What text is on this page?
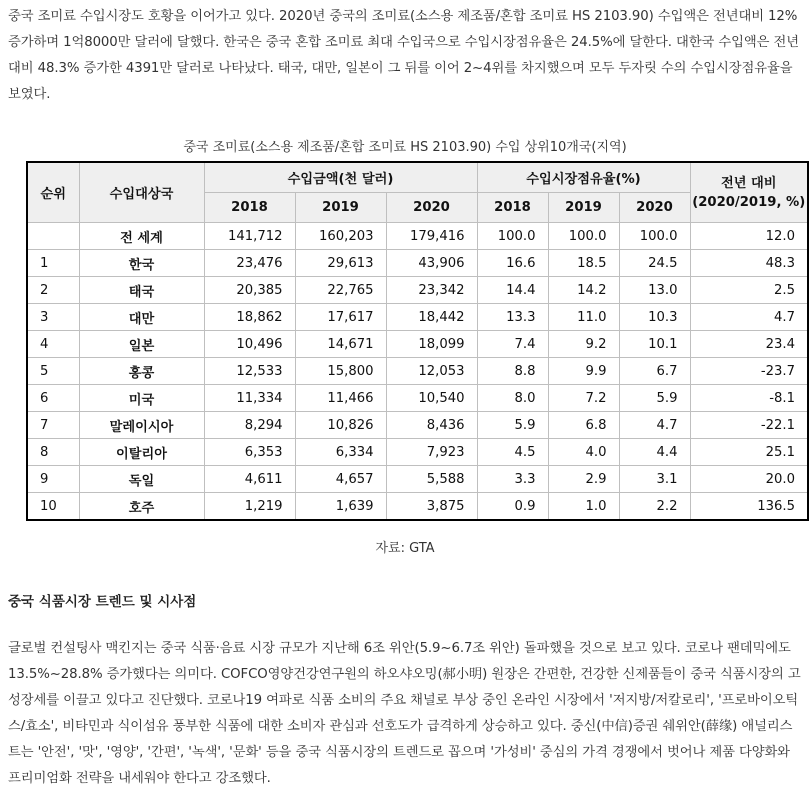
중국 조미료 수입시장도 호황을 이어가고 있다. 2020년 중국의 조미료(소스용 제조품/혼합 조미료 HS 2103.90) 수입액은 전년대비 12% 증가하며 1억8000만 달러에 달했다. 한국은 중국 혼합 조미료 최대 수입국으로 수입시장점유율은 24.5%에 달한다. 대한국 수입액은 전년대비 48.3% 증가한 4391만 달러로 나타났다. 태국, 대만, 일본이 그 뒤를 이어 2~4위를 차지했으며 모두 두자릿 수의 수입시장점유율을 보였다.

중국 조미료(소스용 제조품/혼합 조미료 HS 2103.90) 수입 상위10개국(지역)
순위	수입대상국	수입금액(천 달러)			수입시장점유율(%)			전년 대비
(2020/2019, %)
		2018	2019	2020	2018	2019	2020	
	전 세계	141,712	160,203	179,416	100.0	100.0	100.0	12.0
1	한국	23,476	29,613	43,906	16.6	18.5	24.5	48.3
2	태국	20,385	22,765	23,342	14.4	14.2	13.0	2.5
3	대만	18,862	17,617	18,442	13.3	11.0	10.3	4.7
4	일본	10,496	14,671	18,099	7.4	9.2	10.1	23.4
5	홍콩	12,533	15,800	12,053	8.8	9.9	6.7	-23.7
6	미국	11,334	11,466	10,540	8.0	7.2	5.9	-8.1
7	말레이시아	8,294	10,826	8,436	5.9	6.8	4.7	-22.1
8	이탈리아	6,353	6,334	7,923	4.5	4.0	4.4	25.1
9	독일	4,611	4,657	5,588	3.3	2.9	3.1	20.0
10	호주	1,219	1,639	3,875	0.9	1.0	2.2	136.5
자료: GTA
중국 식품시장 트렌드 및 시사점

글로벌 컨설팅사 맥킨지는 중국 식품·음료 시장 규모가 지난해 6조 위안(5.9~6.7조 위안) 돌파했을 것으로 보고 있다. 코로나 팬데믹에도 13.5%~28.8% 증가했다는 의미다. COFCO영양건강연구원의 하오샤오밍(郝小明) 원장은 간편한, 건강한 신제품들이 중국 식품시장의 고성장세를 이끌고 있다고 진단했다. 코로나19 여파로 식품 소비의 주요 채널로 부상 중인 온라인 시장에서 '저지방/저칼로리', '프로바이오틱스/효소', 비타민과 식이섬유 풍부한 식품에 대한 소비자 관심과 선호도가 급격하게 상승하고 있다. 중신(中信)증권 쉐위안(薛缘) 애널리스트는 '안전', '맛', '영양', '간편', '녹색', '문화' 등을 중국 식품시장의 트렌드로 꼽으며 '가성비' 중심의 가격 경쟁에서 벗어나 제품 다양화와 프리미엄화 전략을 내세워야 한다고 강조했다.
